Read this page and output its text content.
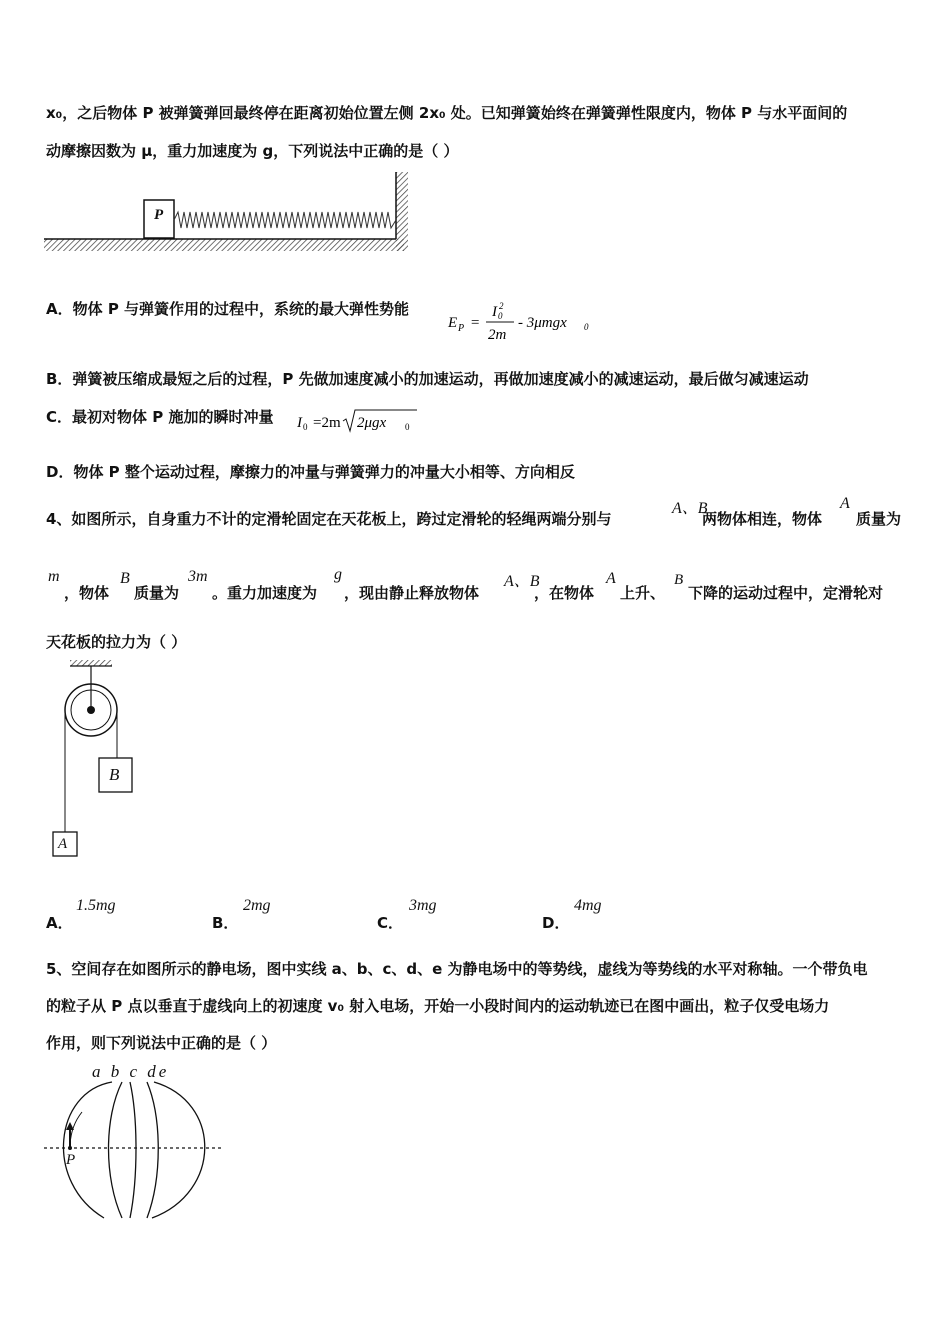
x₀，之后物体 P 被弹簧弹回最终停在距离初始位置左侧 2x₀ 处。已知弹簧始终在弹簧弹性限度内，物体 P 与水平面间的
动摩擦因数为 μ，重力加速度为 g，下列说法中正确的是（ ）
P
A．物体 P 与弹簧作用的过程中，系统的最大弹性势能
E P =
I 0
2
2m
- 3μmgx 0
B．弹簧被压缩成最短之后的过程，P 先做加速度减小的加速运动，再做加速度减小的减速运动，最后做匀减速运动
C．最初对物体 P 施加的瞬时冲量 I 0 =2m 2μgx 0
D．物体 P 整个运动过程，摩擦力的冲量与弹簧弹力的冲量大小相等、方向相反
4、如图所示，自身重力不计的定滑轮固定在天花板上，跨过定滑轮的轻绳两端分别与
A、B
两物体相连，物体
A
质量为
m
，物体
B
质量为
3m
。重力加速度为
g
，现由静止释放物体
A、B
，在物体
A
上升、
B
下降的运动过程中，定滑轮对
天花板的拉力为（ ）
B
A
A．
1.5mg
B．
2mg
C．
3mg
D．
4mg
5、空间存在如图所示的静电场，图中实线 a、b、c、d、e 为静电场中的等势线，虚线为等势线的水平对称轴。一个带负电
的粒子从 P 点以垂直于虚线向上的初速度 v₀ 射入电场，开始一小段时间内的运动轨迹已在图中画出，粒子仅受电场力
作用，则下列说法中正确的是（ ）
a b c de
P
